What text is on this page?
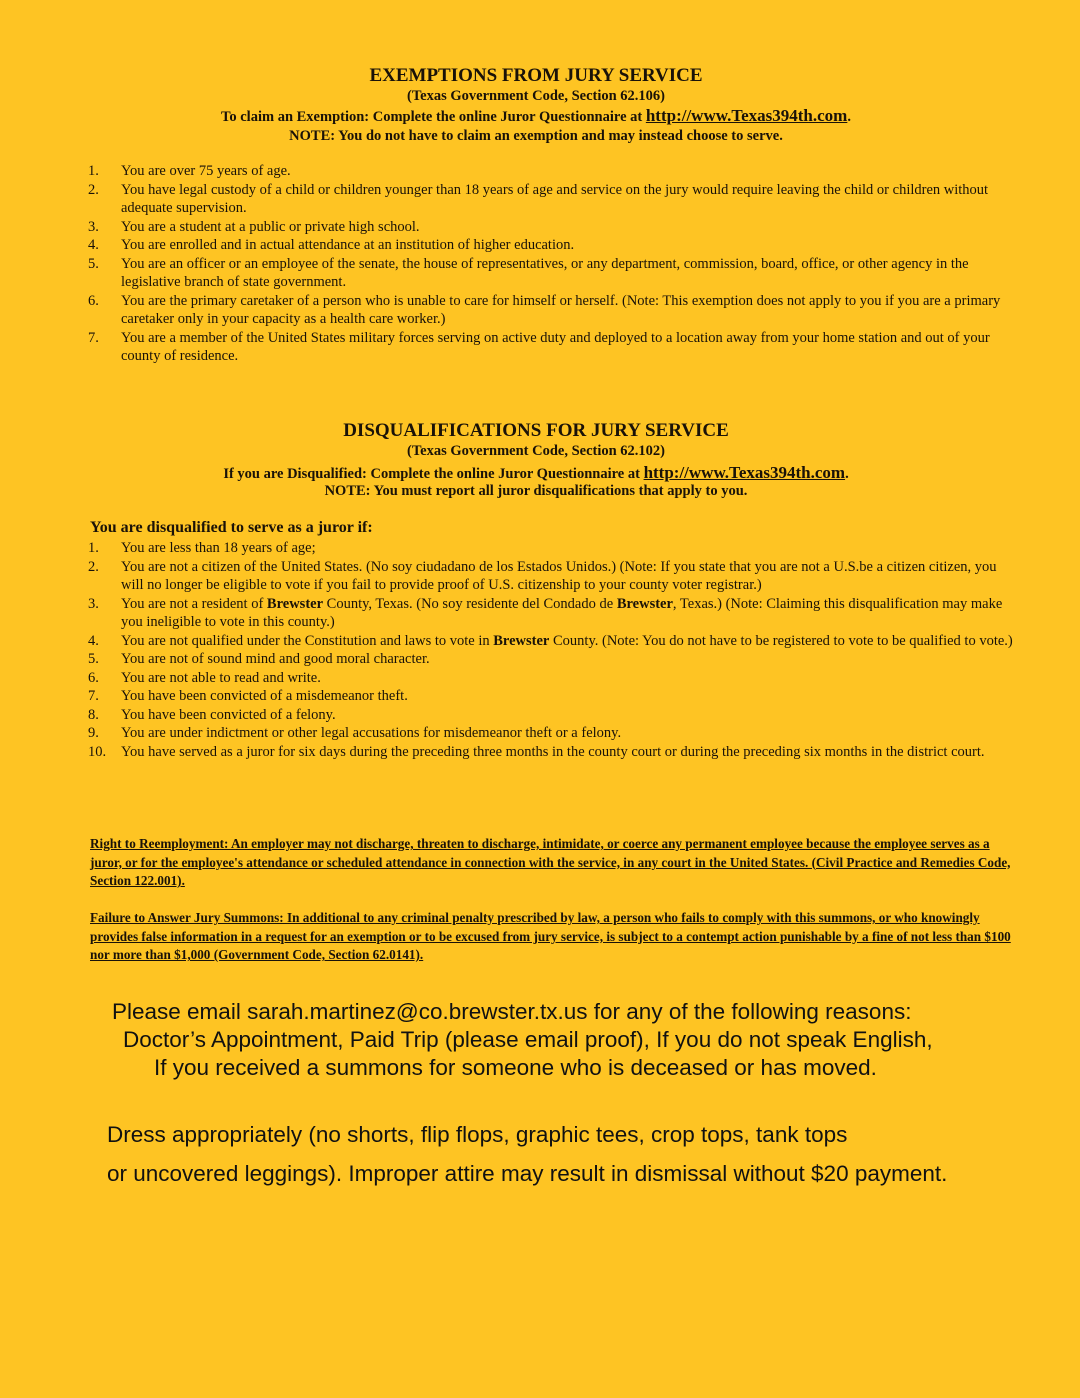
EXEMPTIONS FROM JURY SERVICE

(Texas Government Code, Section 62.106)

To claim an Exemption: Complete the online Juror Questionnaire at http://www.Texas394th.com.

NOTE: You do not have to claim an exemption and may instead choose to serve.

1. You are over 75 years of age.
2. You have legal custody of a child or children younger than 18 years of age and service on the jury would require leaving the child or children without adequate supervision.
3. You are a student at a public or private high school.
4. You are enrolled and in actual attendance at an institution of higher education.
5. You are an officer or an employee of the senate, the house of representatives, or any department, commission, board, office, or other agency in the legislative branch of state government.
6. You are the primary caretaker of a person who is unable to care for himself or herself. (Note: This exemption does not apply to you if you are a primary caretaker only in your capacity as a health care worker.)
7. You are a member of the United States military forces serving on active duty and deployed to a location away from your home station and out of your county of residence.

DISQUALIFICATIONS FOR JURY SERVICE

(Texas Government Code, Section 62.102)

If you are Disqualified: Complete the online Juror Questionnaire at http://www.Texas394th.com.

NOTE: You must report all juror disqualifications that apply to you.

You are disqualified to serve as a juror if:

1. You are less than 18 years of age;
2. You are not a citizen of the United States. (No soy ciudadano de los Estados Unidos.) (Note: If you state that you are not a U.S.be a citizen citizen, you will no longer be eligible to vote if you fail to provide proof of U.S. citizenship to your county voter registrar.)
3. You are not a resident of Brewster County, Texas. (No soy residente del Condado de Brewster, Texas.) (Note: Claiming this disqualification may make you ineligible to vote in this county.)
4. You are not qualified under the Constitution and laws to vote in Brewster County. (Note: You do not have to be registered to vote to be qualified to vote.)
5. You are not of sound mind and good moral character.
6. You are not able to read and write.
7. You have been convicted of a misdemeanor theft.
8. You have been convicted of a felony.
9. You are under indictment or other legal accusations for misdemeanor theft or a felony.
10. You have served as a juror for six days during the preceding three months in the county court or during the preceding six months in the district court.

Right to Reemployment: An employer may not discharge, threaten to discharge, intimidate, or coerce any permanent employee because the employee serves as a juror, or for the employee's attendance or scheduled attendance in connection with the service, in any court in the United States. (Civil Practice and Remedies Code, Section 122.001).

Failure to Answer Jury Summons: In additional to any criminal penalty prescribed by law, a person who fails to comply with this summons, or who knowingly provides false information in a request for an exemption or to be excused from jury service, is subject to a contempt action punishable by a fine of not less than $100 nor more than $1,000 (Government Code, Section 62.0141).

Please email sarah.martinez@co.brewster.tx.us for any of the following reasons:

Doctor’s Appointment, Paid Trip (please email proof), If you do not speak English,

If you received a summons for someone who is deceased or has moved.

Dress appropriately (no shorts, flip flops, graphic tees, crop tops, tank tops

or uncovered leggings). Improper attire may result in dismissal without $20 payment.
